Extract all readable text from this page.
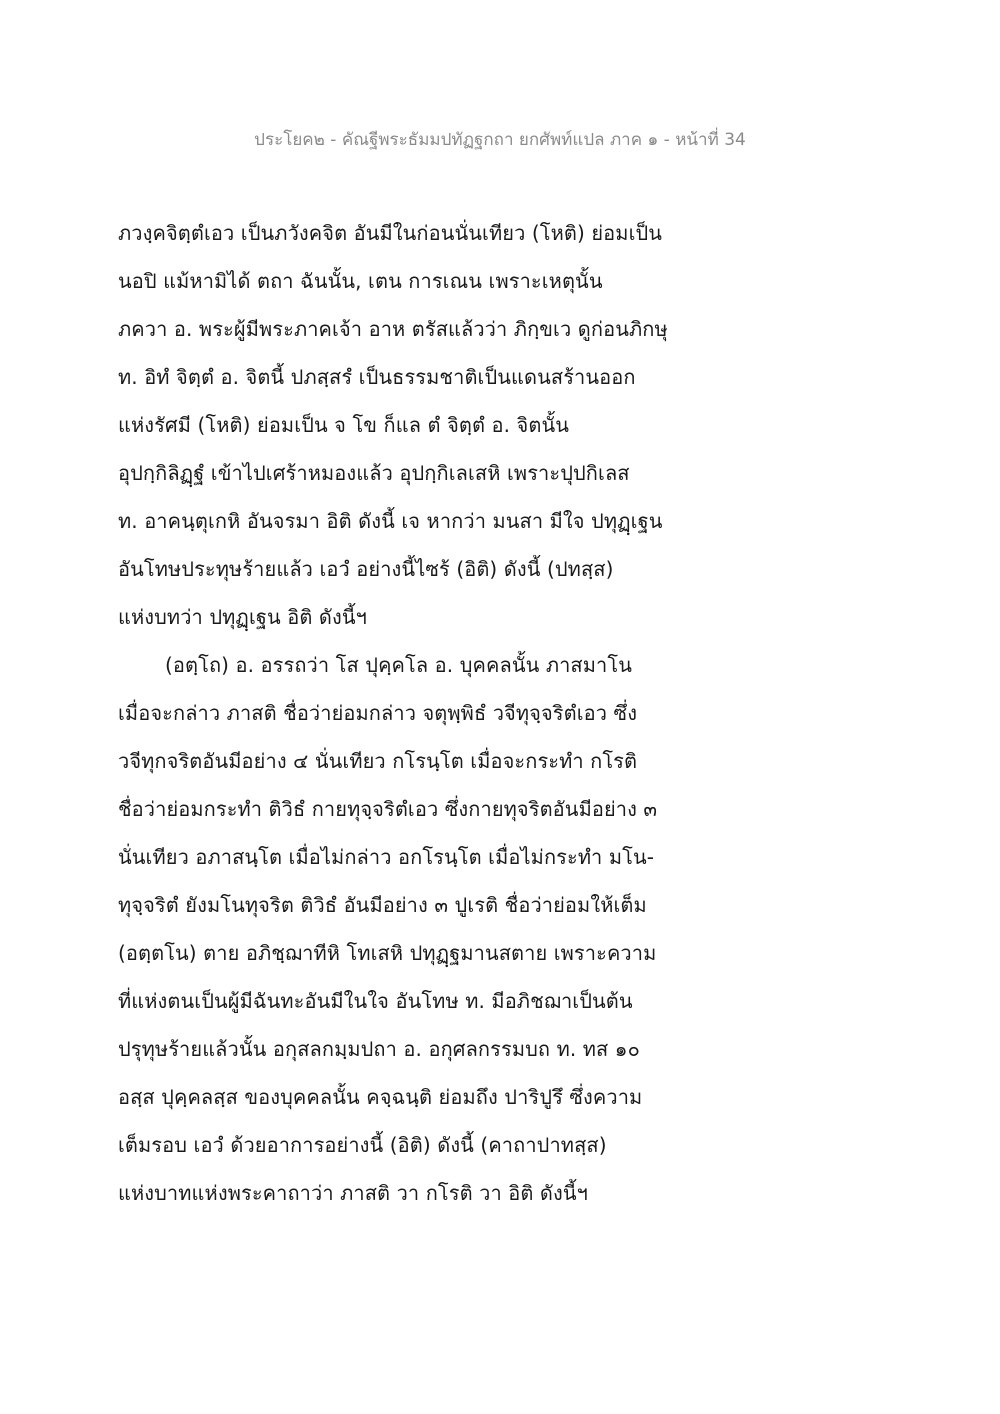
ประโยค๒ - คัณฐีพระธัมมปทัฏฐกถา ยกศัพท์แปล ภาค ๑ - หน้าที่ 34
ภวงฺคจิตฺตํเอว เป็นภวังคจิต อันมีในก่อนนั่นเทียว (โหติ) ย่อมเป็น
นอปิ แม้หามิได้ ตถา ฉันนั้น, เตน การเณน เพราะเหตุนั้น
ภควา อ. พระผู้มีพระภาคเจ้า อาห ตรัสแล้วว่า ภิกฺขเว ดูก่อนภิกษุ
ท. อิทํ จิตฺตํ อ. จิตนี้ ปภสฺสรํ เป็นธรรมชาติเป็นแดนสร้านออก
แห่งรัศมี (โหติ) ย่อมเป็น จ โข ก็แล ตํ จิตฺตํ อ. จิตนั้น
อุปกฺกิลิฏฺฐํ เข้าไปเศร้าหมองแล้ว อุปกฺกิเลเสหิ เพราะปุปกิเลส
ท. อาคนฺตุเกหิ อันจรมา อิติ ดังนี้ เจ หากว่า มนสา มีใจ ปทุฏฺเฐน
อันโทษประทุษร้ายแล้ว เอวํ อย่างนี้ไซร้ (อิติ) ดังนี้ (ปทสฺส)
แห่งบทว่า ปทุฏฺเฐน อิติ ดังนี้ฯ
(อตฺโถ) อ. อรรถว่า โส ปุคฺคโล อ. บุคคลนั้น ภาสมาโน
เมื่อจะกล่าว ภาสติ ชื่อว่าย่อมกล่าว จตุพฺพิธํ วจีทุจฺจริตํเอว ซึ่ง
วจีทุกจริตอันมีอย่าง ๔ นั่นเทียว กโรนฺโต เมื่อจะกระทำ กโรติ
ชื่อว่าย่อมกระทำ ติวิธํ กายทุจฺจริตํเอว ซึ่งกายทุจริตอันมีอย่าง ๓
นั่นเทียว อภาสนฺโต เมื่อไม่กล่าว อกโรนฺโต เมื่อไม่กระทำ มโน-
ทุจฺจริตํ ยังมโนทุจริต ติวิธํ อันมีอย่าง ๓ ปูเรติ ชื่อว่าย่อมให้เต็ม
(อตฺตโน) ตาย อภิชฺฌาทีหิ โทเสหิ ปทุฏฺฐมานสตาย เพราะความ
ที่แห่งตนเป็นผู้มีฉันทะอันมีในใจ อันโทษ ท. มีอภิชฌาเป็นต้น
ปรุทุษร้ายแล้วนั้น อกุสลกมฺมปถา อ. อกุศลกรรมบถ ท. ทส ๑๐
อสฺส ปุคฺคลสฺส ของบุคคลนั้น คจฺฉนฺติ ย่อมถึง ปาริปูรึ ซึ่งความ
เต็มรอบ เอวํ ด้วยอาการอย่างนี้ (อิติ) ดังนี้ (คาถาปาทสฺส)
แห่งบาทแห่งพระคาถาว่า ภาสติ วา กโรติ วา อิติ ดังนี้ฯ
